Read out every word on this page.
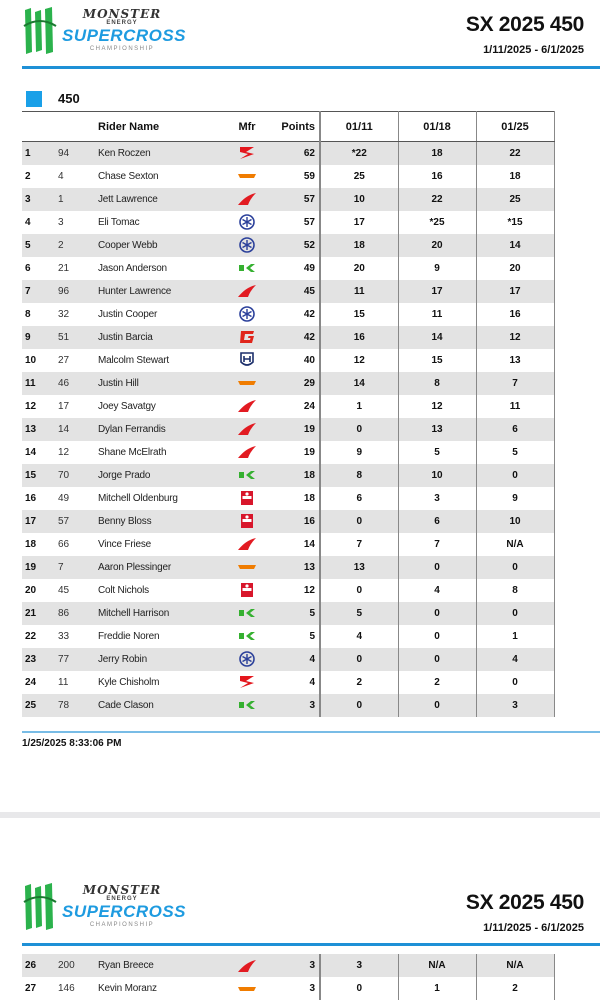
MONSTER
ENERGY
SUPERCROSS
CHAMPIONSHIP
SX 2025 450
1/11/2025 - 6/1/2025
450
		Rider Name	Mfr	Points	01/11	01/18	01/25
1	94	Ken Roczen		62	*22	18	22
2	4	Chase Sexton		59	25	16	18
3	1	Jett Lawrence		57	10	22	25
4	3	Eli Tomac		57	17	*25	*15
5	2	Cooper Webb		52	18	20	14
6	21	Jason Anderson		49	20	9	20
7	96	Hunter Lawrence		45	11	17	17
8	32	Justin Cooper		42	15	11	16
9	51	Justin Barcia		42	16	14	12
10	27	Malcolm Stewart		40	12	15	13
11	46	Justin Hill		29	14	8	7
12	17	Joey Savatgy		24	1	12	11
13	14	Dylan Ferrandis		19	0	13	6
14	12	Shane McElrath		19	9	5	5
15	70	Jorge Prado		18	8	10	0
16	49	Mitchell Oldenburg		18	6	3	9
17	57	Benny Bloss		16	0	6	10
18	66	Vince Friese		14	7	7	N/A
19	7	Aaron Plessinger		13	13	0	0
20	45	Colt Nichols		12	0	4	8
21	86	Mitchell Harrison		5	5	0	0
22	33	Freddie Noren		5	4	0	1
23	77	Jerry Robin		4	0	0	4
24	11	Kyle Chisholm		4	2	2	0
25	78	Cade Clason		3	0	0	3
1/25/2025 8:33:06 PM
MONSTER
ENERGY
SUPERCROSS
CHAMPIONSHIP
SX 2025 450
1/11/2025 - 6/1/2025
26	200	Ryan Breece		3	3	N/A	N/A
27	146	Kevin Moranz		3	0	1	2
